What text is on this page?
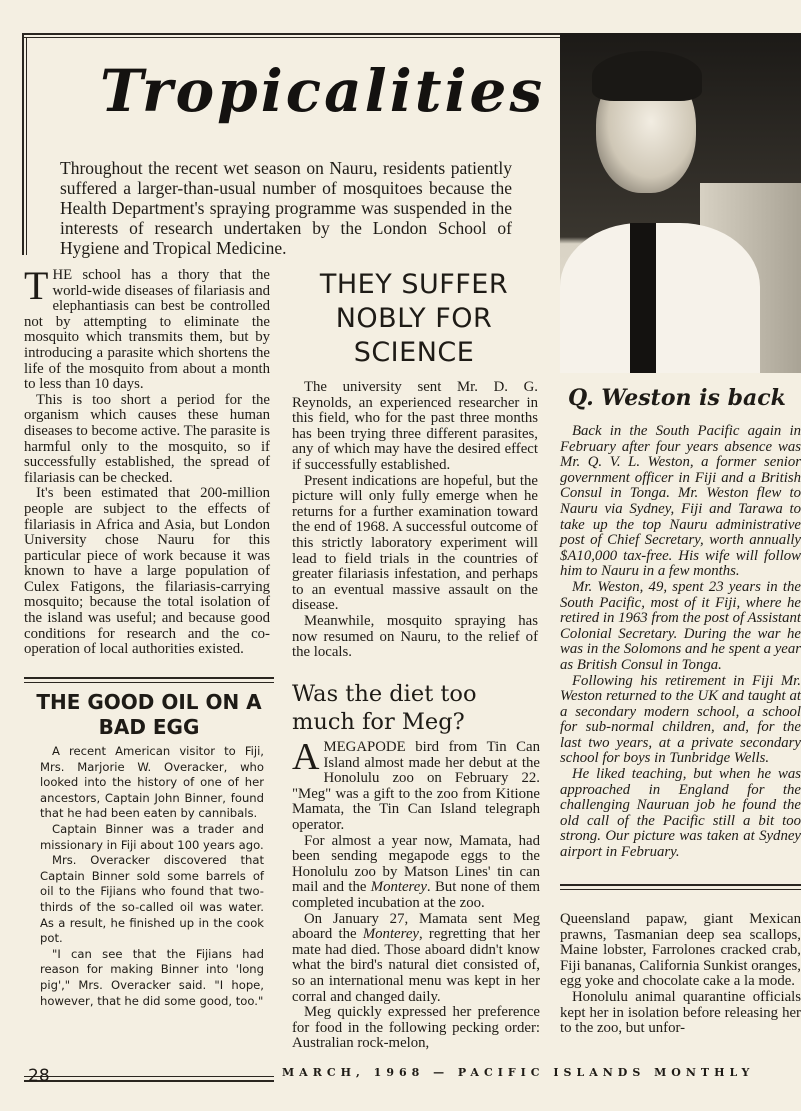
Tropicalities
Throughout the recent wet season on Nauru, residents patiently suffered a larger-than-usual number of mosquitoes because the Health Department's spraying programme was suspended in the interests of research undertaken by the London School of Hygiene and Tropical Medicine.

THE school has a thory that the world-wide diseases of filariasis and elephantiasis can best be controlled not by attempting to eliminate the mosquito which transmits them, but by introducing a parasite which shortens the life of the mosquito from about a month to less than 10 days.

This is too short a period for the organism which causes these human diseases to become active. The parasite is harmful only to the mosquito, so if successfully established, the spread of filariasis can be checked.

It's been estimated that 200-million people are subject to the effects of filariasis in Africa and Asia, but London University chose Nauru for this particular piece of work because it was known to have a large population of Culex Fatigons, the filariasis-carrying mosquito; because the total isolation of the island was useful; and because good conditions for research and the co-operation of local authorities existed.

THEY SUFFER NOBLY FOR SCIENCE

The university sent Mr. D. G. Reynolds, an experienced researcher in this field, who for the past three months has been trying three different parasites, any of which may have the desired effect if successfully established.

Present indications are hopeful, but the picture will only fully emerge when he returns for a further examination toward the end of 1968. A successful outcome of this strictly laboratory experiment will lead to field trials in the countries of greater filariasis infestation, and perhaps to an eventual massive assault on the disease.

Meanwhile, mosquito spraying has now resumed on Nauru, to the relief of the locals.

THE GOOD OIL ON A BAD EGG

A recent American visitor to Fiji, Mrs. Marjorie W. Overacker, who looked into the history of one of her ancestors, Captain John Binner, found that he had been eaten by cannibals.

Captain Binner was a trader and missionary in Fiji about 100 years ago.

Mrs. Overacker discovered that Captain Binner sold some barrels of oil to the Fijians who found that two-thirds of the so-called oil was water. As a result, he finished up in the cook pot.

"I can see that the Fijians had reason for making Binner into 'long pig'," Mrs. Overacker said. "I hope, however, that he did some good, too."

Was the diet too much for Meg?

AMEGAPODE bird from Tin Can Island almost made her debut at the Honolulu zoo on February 22. "Meg" was a gift to the zoo from Kitione Mamata, the Tin Can Island telegraph operator.

For almost a year now, Mamata, had been sending megapode eggs to the Honolulu zoo by Matson Lines' tin can mail and the Monterey. But none of them completed incubation at the zoo.

On January 27, Mamata sent Meg aboard the Monterey, regretting that her mate had died. Those aboard didn't know what the bird's natural diet consisted of, so an international menu was kept in her corral and changed daily.

Meg quickly expressed her preference for food in the following pecking order: Australian rock-melon,

Q. Weston is back

Back in the South Pacific again in February after four years absence was Mr. Q. V. L. Weston, a former senior government officer in Fiji and a British Consul in Tonga. Mr. Weston flew to Nauru via Sydney, Fiji and Tarawa to take up the top Nauru administrative post of Chief Secretary, worth annually $A10,000 tax-free. His wife will follow him to Nauru in a few months.

Mr. Weston, 49, spent 23 years in the South Pacific, most of it Fiji, where he retired in 1963 from the post of Assistant Colonial Secretary. During the war he was in the Solomons and he spent a year as British Consul in Tonga.

Following his retirement in Fiji Mr. Weston returned to the UK and taught at a secondary modern school, a school for sub-normal children, and, for the last two years, at a private secondary school for boys in Tunbridge Wells.

He liked teaching, but when he was approached in England for the challenging Nauruan job he found the old call of the Pacific still a bit too strong. Our picture was taken at Sydney airport in February.

Queensland papaw, giant Mexican prawns, Tasmanian deep sea scallops, Maine lobster, Farrolones cracked crab, Fiji bananas, California Sunkist oranges, egg yoke and chocolate cake a la mode.

Honolulu animal quarantine officials kept her in isolation before releasing her to the zoo, but unfor-

28	MARCH, 1968 — PACIFIC ISLANDS MONTHLY
